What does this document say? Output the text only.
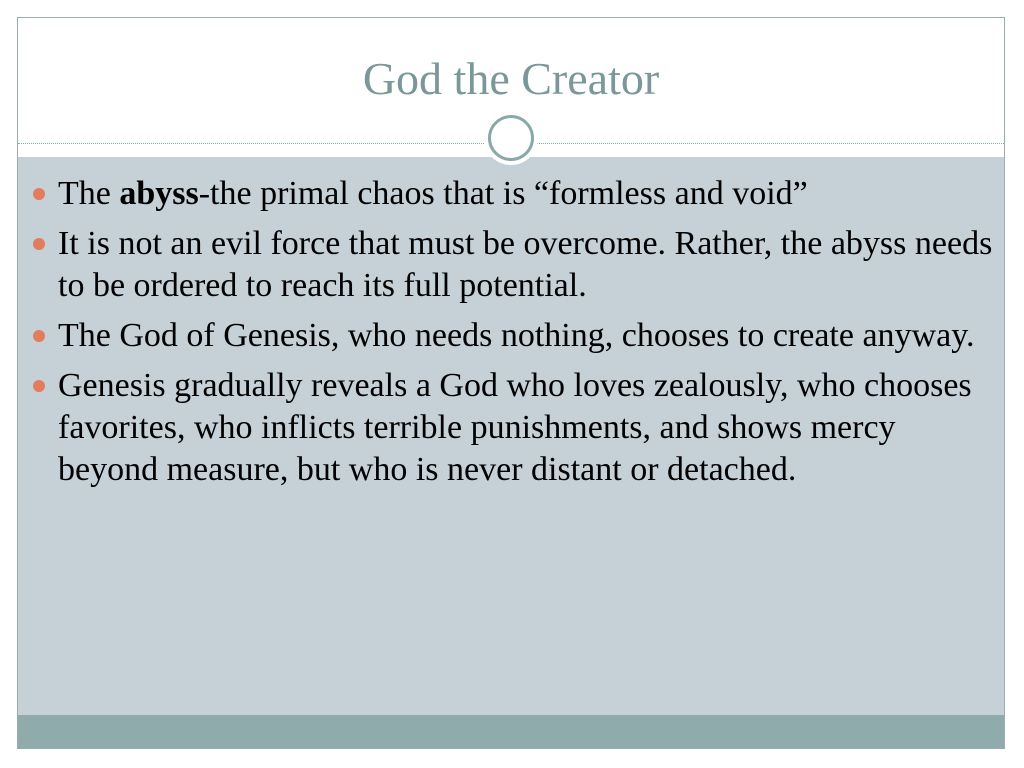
God the Creator
The abyss-the primal chaos that is “formless and void”
It is not an evil force that must be overcome. Rather, the abyss needs to be ordered to reach its full potential.
The God of Genesis, who needs nothing, chooses to create anyway.
Genesis gradually reveals a God who loves zealously, who chooses favorites, who inflicts terrible punishments, and shows mercy beyond measure, but who is never distant or detached.
